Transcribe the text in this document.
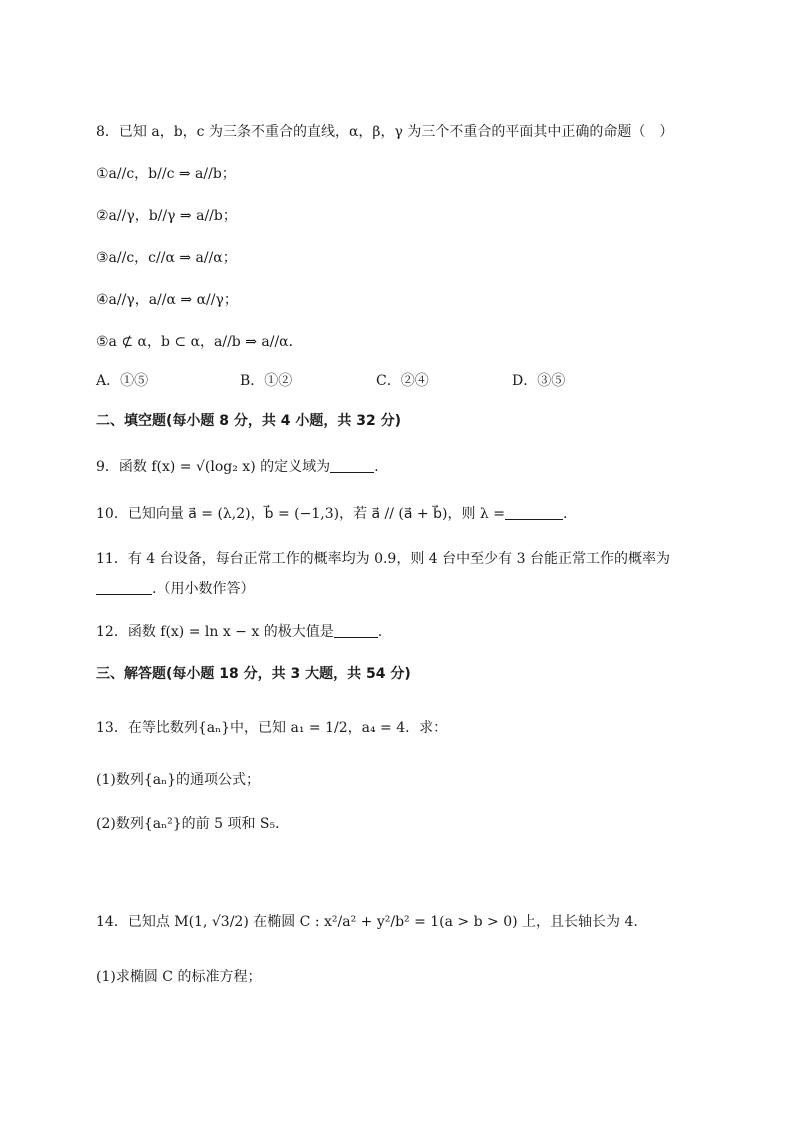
8．已知 a，b，c 为三条不重合的直线，α，β，γ 为三个不重合的平面其中正确的命题（　）
①a//c，b//c ⇒ a//b；
②a//γ，b//γ ⇒ a//b；
③a//c，c//α ⇒ a//α；
④a//γ，a//α ⇒ α//γ；
⑤a ⊄ α，b ⊂ α，a//b ⇒ a//α．
A．①⑤	B．①②	C．②④	D．③⑤
二、填空题(每小题 8 分，共 4 小题，共 32 分)
9．函数 f(x) = √(log₂ x) 的定义域为	.
10．已知向量 a⃗ = (λ,2)，b⃗ = (−1,3)，若 a⃗ // (a⃗ + b⃗)，则 λ =	.
11．有 4 台设备，每台正常工作的概率均为 0.9，则 4 台中至少有 3 台能正常工作的概率为
.（用小数作答）
12．函数 f(x) = ln x − x 的极大值是	.
三、解答题(每小题 18 分，共 3 大题，共 54 分)
13．在等比数列{aₙ}中，已知 a₁ = 1/2，a₄ = 4．求：
(1)数列{aₙ}的通项公式；
(2)数列{aₙ²}的前 5 项和 S₅．
14．已知点 M(1, √3/2) 在椭圆 C : x²/a² + y²/b² = 1(a > b > 0) 上，且长轴长为 4.
(1)求椭圆 C 的标准方程；
